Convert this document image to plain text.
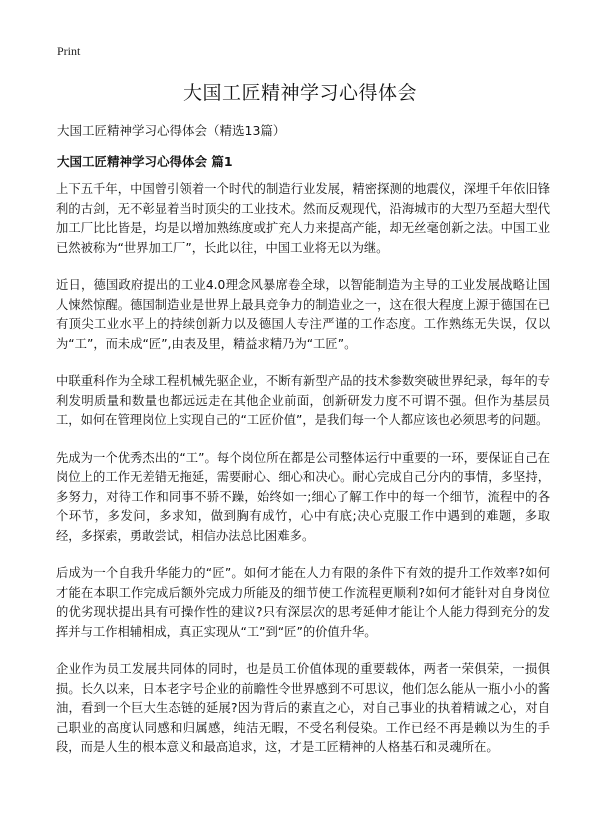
Print
大国工匠精神学习心得体会

大国工匠精神学习心得体会（精选13篇）

大国工匠精神学习心得体会 篇1

上下五千年，中国曾引领着一个时代的制造行业发展，精密探测的地震仪，深埋千年依旧锋利的古剑，无不彰显着当时顶尖的工业技术。然而反观现代，沿海城市的大型乃至超大型代加工厂比比皆是，均是以增加熟练度或扩充人力来提高产能，却无丝毫创新之法。中国工业已然被称为“世界加工厂”，长此以往，中国工业将无以为继。

近日，德国政府提出的工业4.0理念风暴席卷全球，以智能制造为主导的工业发展战略让国人悚然惊醒。德国制造业是世界上最具竞争力的制造业之一，这在很大程度上源于德国在已有顶尖工业水平上的持续创新力以及德国人专注严谨的工作态度。工作熟练无失误，仅以为“工”，而未成“匠”,由表及里，精益求精乃为“工匠”。

中联重科作为全球工程机械先驱企业，不断有新型产品的技术参数突破世界纪录，每年的专利发明质量和数量也都远远走在其他企业前面，创新研发力度不可谓不强。但作为基层员工，如何在管理岗位上实现自己的“工匠价值”，是我们每一个人都应该也必须思考的问题。

先成为一个优秀杰出的“工”。每个岗位所在都是公司整体运行中重要的一环，要保证自己在岗位上的工作无差错无拖延，需要耐心、细心和决心。耐心完成自己分内的事情，多坚持，多努力，对待工作和同事不骄不躁，始终如一;细心了解工作中的每一个细节，流程中的各个环节，多发问，多求知，做到胸有成竹，心中有底;决心克服工作中遇到的难题，多取经，多探索，勇敢尝试，相信办法总比困难多。

后成为一个自我升华能力的“匠”。如何才能在人力有限的条件下有效的提升工作效率?如何才能在本职工作完成后额外完成力所能及的细节使工作流程更顺利?如何才能针对自身岗位的优劣现状提出具有可操作性的建议?只有深层次的思考延伸才能让个人能力得到充分的发挥并与工作相辅相成，真正实现从“工”到“匠”的价值升华。

企业作为员工发展共同体的同时，也是员工价值体现的重要载体，两者一荣俱荣，一损俱损。长久以来，日本老字号企业的前瞻性令世界感到不可思议，他们怎么能从一瓶小小的酱油，看到一个巨大生态链的延展?因为背后的素直之心，对自己事业的执着精诚之心，对自己职业的高度认同感和归属感，纯洁无暇，不受名利侵染。工作已经不再是赖以为生的手段，而是人生的根本意义和最高追求，这，才是工匠精神的人格基石和灵魂所在。
